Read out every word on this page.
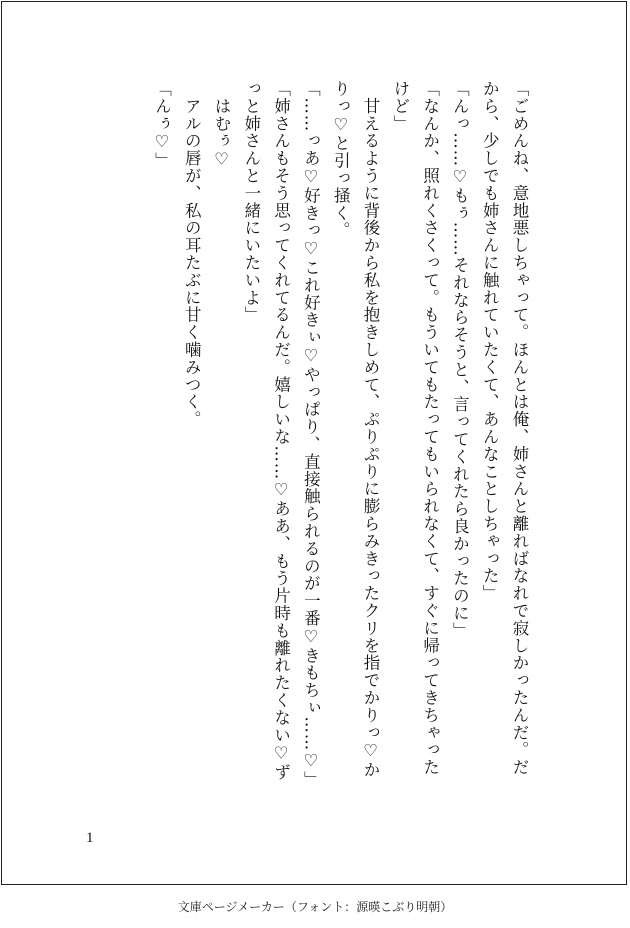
「ごめんね、意地悪しちゃって。ほんとは俺、姉さんと離ればなれで寂しかったんだ。だから、少しでも姉さんに触れていたくて、あんなことしちゃった」
「んっ……♡もぅ……それならそうと、言ってくれたら良かったのに」
「なんか、照れくさくって。もういてもたってもいられなくて、すぐに帰ってきちゃったけど」
　甘えるように背後から私を抱きしめて、ぷりぷりに膨らみきったクリを指でかりっ♡かりっ♡と引っ掻く。
「……っあ♡好きっ♡これ好きぃ♡やっぱり、直接触られるのが一番♡きもちぃ……♡」
「姉さんもそう思ってくれてるんだ。嬉しいな……♡ああ、もう片時も離れたくない♡ずっと姉さんと一緒にいたいよ」
　はむぅ♡
　アルの唇が、私の耳たぶに甘く噛みつく。
「んぅ♡」
1
文庫ページメーカー（フォント：源暎こぶり明朝）
